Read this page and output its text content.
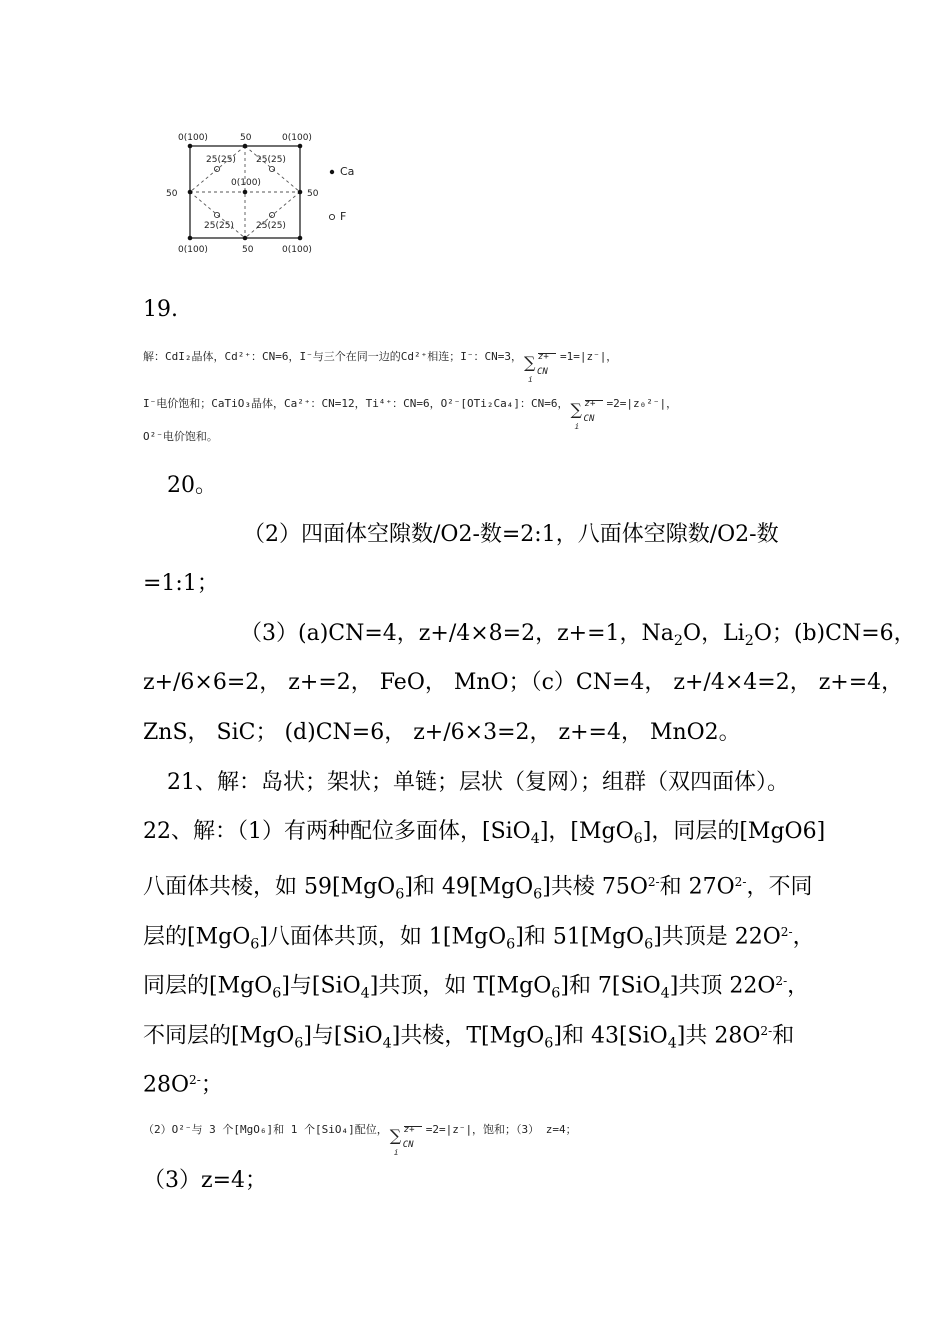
0(100)	50	0(100)
25(25) 25(25)
0(100)
50	50
25(25) 25(25)
0(100)	50	0(100)
Ca
F
19.
解：CdI₂晶体，Cd²⁺：CN=6，I⁻与三个在同一边的Cd²⁺相连；I⁻：CN=3， ∑
i
z+
CN
=1=|z⁻|，
I⁻电价饱和；CaTiO₃晶体，Ca²⁺：CN=12，Ti⁴⁺：CN=6，O²⁻[OTi₂Ca₄]：CN=6， ∑
i
z+
CN
=2=|z₀²⁻|，
O²⁻电价饱和。
20。
（2）四面体空隙数/O2-数=2:1，八面体空隙数/O2-数
=1:1；
（3）(a)CN=4，z+/4×8=2，z+=1，$Na_2O$，$Li_2O$；(b)CN=6，
z+/6×6=2， z+=2， FeO， MnO；（c）CN=4， z+/4×4=2， z+=4，
ZnS， SiC； (d)CN=6， z+/6×3=2， z+=4， MnO2。
21、解：岛状；架状；单链；层状（复网）；组群（双四面体）。
22、解：（1）有两种配位多面体，[SiO$_4$]，[MgO$_6$]，同层的[MgO6]
八面体共棱，如 59[MgO$_6$]和 49[MgO$_6$]共棱 $75O^{2-}$和 $27O^{2-}$，不同
层的[MgO$_6$]八面体共顶，如 1[MgO$_6$]和 51[MgO$_6$]共顶是 $22O^{2-}$，
同层的[MgO$_6$]与[SiO$_4$]共顶，如 T[MgO$_6$]和 7[SiO$_4$]共顶 $22O^{2-}$，
不同层的[MgO$_6$]与[SiO$_4$]共棱，T[MgO$_6$]和 43[SiO$_4$]共 $28O^{2-}$和
$28O^{2-}$；
（2）O²⁻与 3 个[MgO₆]和 1 个[SiO₄]配位， ∑
i
z+
CN
=2=|z⁻|，饱和；（3） z=4；
（3）z=4；
